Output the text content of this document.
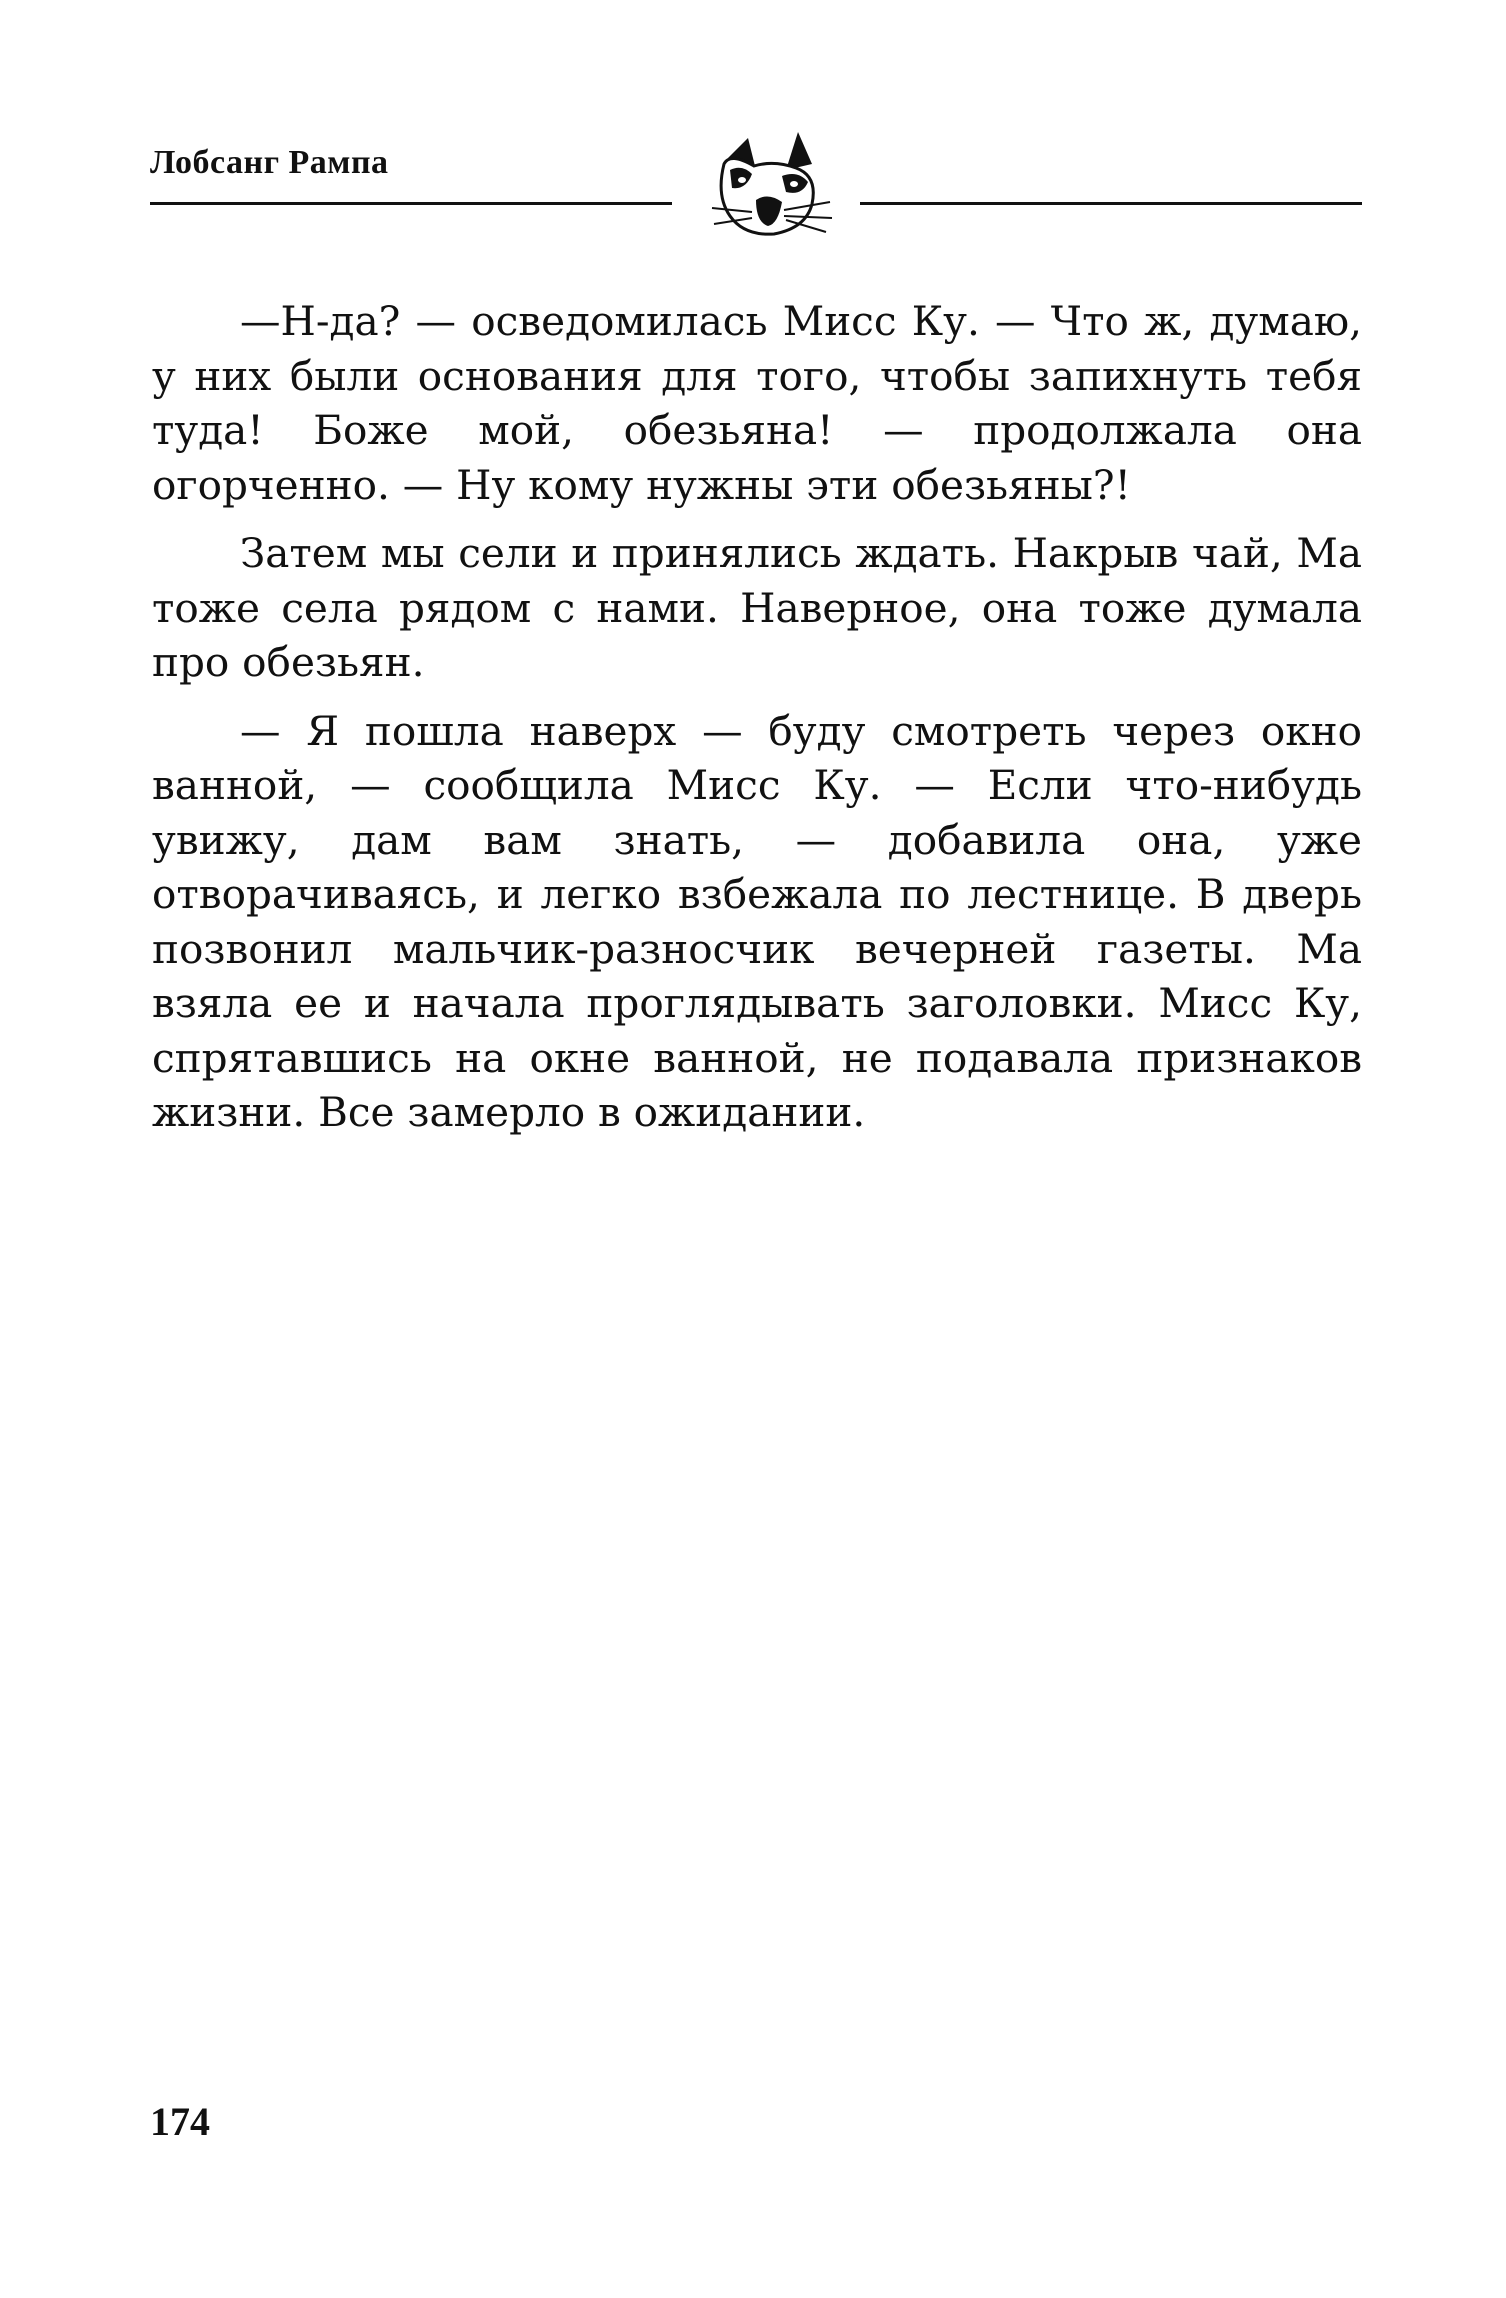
Лобсанг Рампа

—Н-да? — осведомилась Мисс Ку. — Что ж, думаю, у них были основания для того, чтобы запихнуть тебя туда! Боже мой, обезьяна! — продолжала она огорченно. — Ну кому нужны эти обезьяны?!

Затем мы сели и принялись ждать. Накрыв чай, Ма тоже села рядом с нами. Наверное, она тоже думала про обезьян.

— Я пошла наверх — буду смотреть через окно ванной, — сообщила Мисс Ку. — Если что-нибудь увижу, дам вам знать, — добавила она, уже отворачиваясь, и легко взбежала по лестнице. В дверь позвонил мальчик-разносчик вечерней газеты. Ма взяла ее и начала проглядывать заголовки. Мисс Ку, спрятавшись на окне ванной, не подавала признаков жизни. Все замерло в ожидании.

174
